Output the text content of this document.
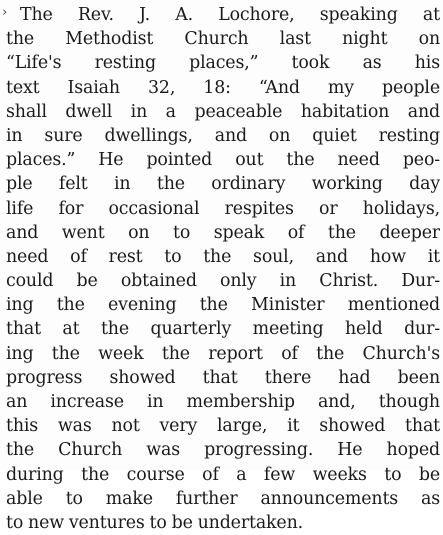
› The Rev. J. A. Lochore, speaking at
the Methodist Church last night on
“Life's resting places,” took as his
text Isaiah 32, 18: “And my people
shall dwell in a peaceable habitation and
in sure dwellings, and on quiet resting
places.” He pointed out the need peo-
ple felt in the ordinary working day
life for occasional respites or holidays,
and went on to speak of the deeper
need of rest to the soul, and how it
could be obtained only in Christ. Dur-
ing the evening the Minister mentioned
that at the quarterly meeting held dur-
ing the week the report of the Church's
progress showed that there had been
an increase in membership and, though
this was not very large, it showed that
the Church was progressing. He hoped
during the course of a few weeks to be
able to make further announcements as
to new ventures to be undertaken.
